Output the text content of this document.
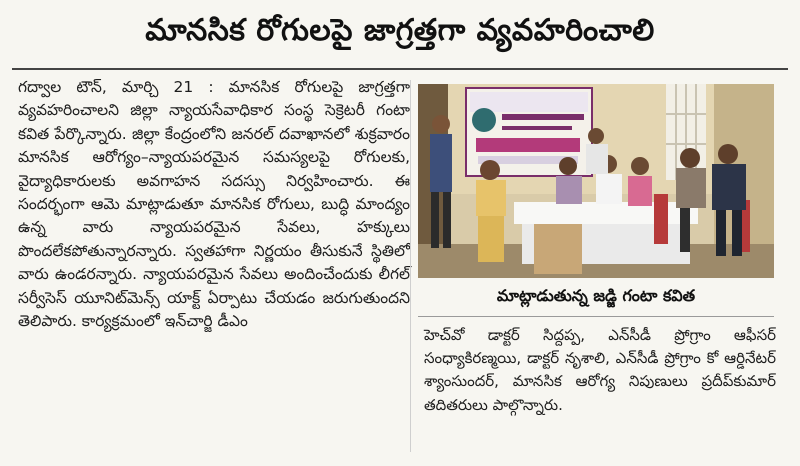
మానసిక రోగులపై జాగ్రత్తగా వ్యవహరించాలి

గద్వాల టౌన్, మార్చి 21 : మానసిక రోగులపై జాగ్రత్తగా వ్యవహరించాలని జిల్లా న్యాయసేవాధికార సంస్థ సెక్రెటరీ గంటా కవిత పేర్కొన్నారు. జిల్లా కేంద్రంలోని జనరల్ దవాఖానలో శుక్రవారం మానసిక ఆరోగ్యం–న్యాయపరమైన సమస్యలపై రోగులకు, వైద్యాధికారులకు అవగాహన సదస్సు నిర్వహించారు. ఈ సందర్భంగా ఆమె మాట్లాడుతూ మానసిక రోగులు, బుద్ధి మాంద్యం ఉన్న వారు న్యాయపరమైన సేవలు, హక్కులు పొందలేకపోతున్నారన్నారు. స్వతహాగా నిర్ణయం తీసుకునే స్థితిలో వారు ఉండరన్నారు. న్యాయపరమైన సేవలు అందించేందుకు లీగల్ సర్వీసెస్ యూనిట్‌మెన్స్ యాక్ట్ ఏర్పాటు చేయడం జరుగుతుందని తెలిపారు. కార్యక్రమంలో ఇన్‌చార్జి డీఎం

మాట్లాడుతున్న జడ్జి గంటా కవిత

హెచ్‌వో డాక్టర్ సిద్దప్ప, ఎన్‌సీడీ ప్రోగ్రాం ఆఫీసర్ సంధ్యాకిరణ్మయి, డాక్టర్ నృశాలి, ఎన్‌సీడీ ప్రోగ్రాం కో ఆర్డినేటర్ శ్యాంసుందర్, మానసిక ఆరోగ్య నిపుణులు ప్రదీప్‌కుమార్ తదితరులు పాల్గొన్నారు.
